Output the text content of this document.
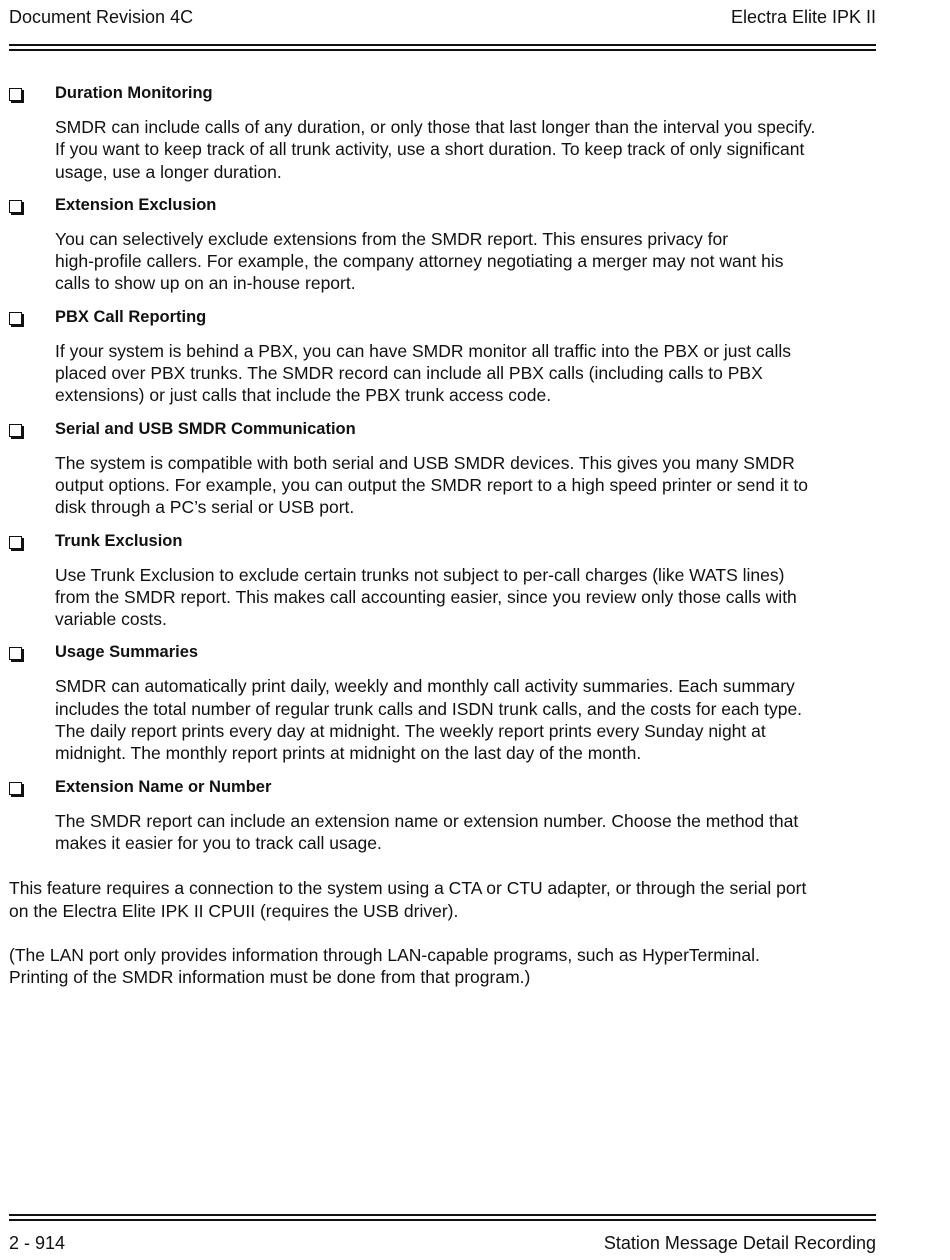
Document Revision 4C	Electra Elite IPK II
Duration Monitoring

SMDR can include calls of any duration, or only those that last longer than the interval you specify.
If you want to keep track of all trunk activity, use a short duration. To keep track of only significant
usage, use a longer duration.

Extension Exclusion

You can selectively exclude extensions from the SMDR report. This ensures privacy for
high-profile callers. For example, the company attorney negotiating a merger may not want his
calls to show up on an in-house report.

PBX Call Reporting

If your system is behind a PBX, you can have SMDR monitor all traffic into the PBX or just calls
placed over PBX trunks. The SMDR record can include all PBX calls (including calls to PBX
extensions) or just calls that include the PBX trunk access code.

Serial and USB SMDR Communication

The system is compatible with both serial and USB SMDR devices. This gives you many SMDR
output options. For example, you can output the SMDR report to a high speed printer or send it to
disk through a PC’s serial or USB port.

Trunk Exclusion

Use Trunk Exclusion to exclude certain trunks not subject to per-call charges (like WATS lines)
from the SMDR report. This makes call accounting easier, since you review only those calls with
variable costs.

Usage Summaries

SMDR can automatically print daily, weekly and monthly call activity summaries. Each summary
includes the total number of regular trunk calls and ISDN trunk calls, and the costs for each type.
The daily report prints every day at midnight. The weekly report prints every Sunday night at
midnight. The monthly report prints at midnight on the last day of the month.

Extension Name or Number

The SMDR report can include an extension name or extension number. Choose the method that
makes it easier for you to track call usage.

This feature requires a connection to the system using a CTA or CTU adapter, or through the serial port
on the Electra Elite IPK II CPUII (requires the USB driver).

(The LAN port only provides information through LAN-capable programs, such as HyperTerminal.
Printing of the SMDR information must be done from that program.)

2 - 914	Station Message Detail Recording
